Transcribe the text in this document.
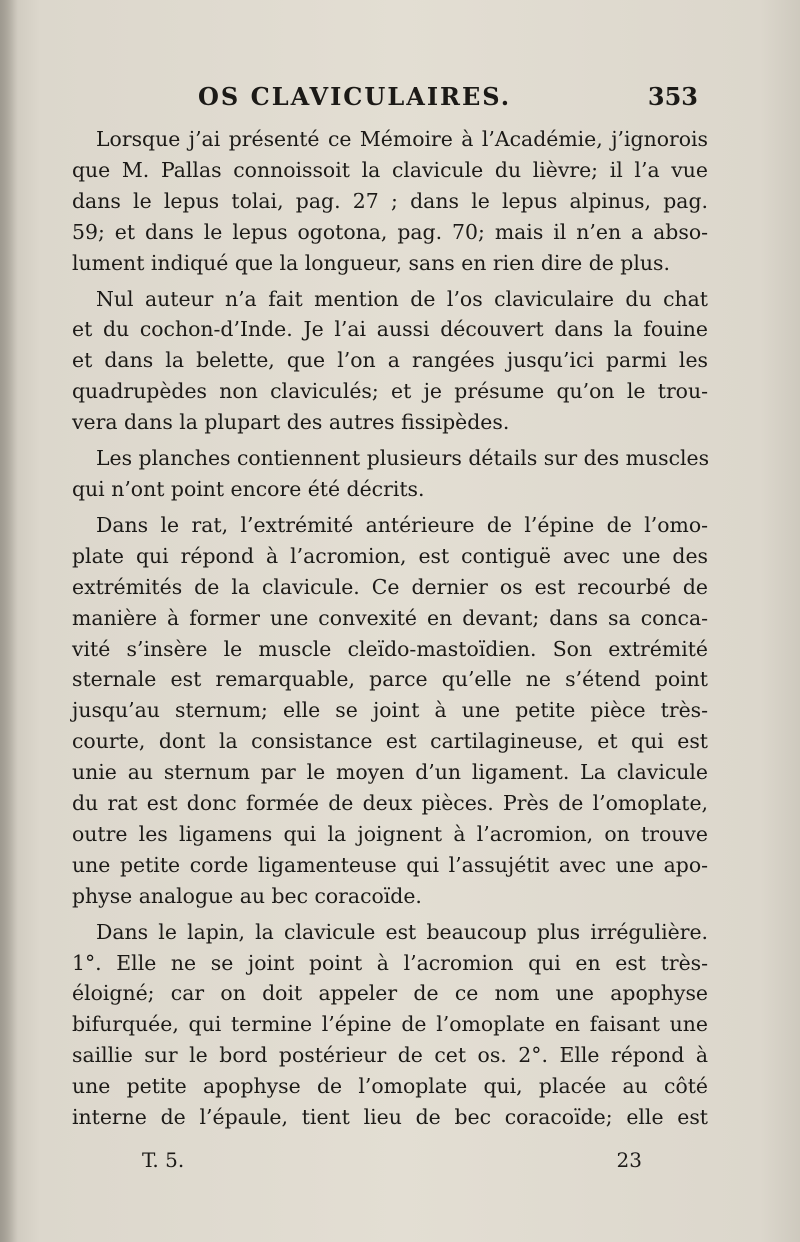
OS CLAVICULAIRES.	353
Lorsque j’ai présenté ce Mémoire à l’Académie, j’ignorois
que M. Pallas connoissoit la clavicule du lièvre; il l’a vue
dans le lepus tolai, pag. 27 ; dans le lepus alpinus, pag.
59; et dans le lepus ogotona, pag. 70; mais il n’en a abso-
lument indiqué que la longueur, sans en rien dire de plus.
Nul auteur n’a fait mention de l’os claviculaire du chat
et du cochon-d’Inde. Je l’ai aussi découvert dans la fouine
et dans la belette, que l’on a rangées jusqu’ici parmi les
quadrupèdes non claviculés; et je présume qu’on le trou-
vera dans la plupart des autres fissipèdes.
Les planches contiennent plusieurs détails sur des muscles
qui n’ont point encore été décrits.
Dans le rat, l’extrémité antérieure de l’épine de l’omo-
plate qui répond à l’acromion, est contiguë avec une des
extrémités de la clavicule. Ce dernier os est recourbé de
manière à former une convexité en devant; dans sa conca-
vité s’insère le muscle cleïdo-mastoïdien. Son extrémité
sternale est remarquable, parce qu’elle ne s’étend point
jusqu’au sternum; elle se joint à une petite pièce très-
courte, dont la consistance est cartilagineuse, et qui est
unie au sternum par le moyen d’un ligament. La clavicule
du rat est donc formée de deux pièces. Près de l’omoplate,
outre les ligamens qui la joignent à l’acromion, on trouve
une petite corde ligamenteuse qui l’assujétit avec une apo-
physe analogue au bec coracoïde.
Dans le lapin, la clavicule est beaucoup plus irrégulière.
1°. Elle ne se joint point à l’acromion qui en est très-
éloigné; car on doit appeler de ce nom une apophyse
bifurquée, qui termine l’épine de l’omoplate en faisant une
saillie sur le bord postérieur de cet os. 2°. Elle répond à
une petite apophyse de l’omoplate qui, placée au côté
interne de l’épaule, tient lieu de bec coracoïde; elle est
T. 5.	23
